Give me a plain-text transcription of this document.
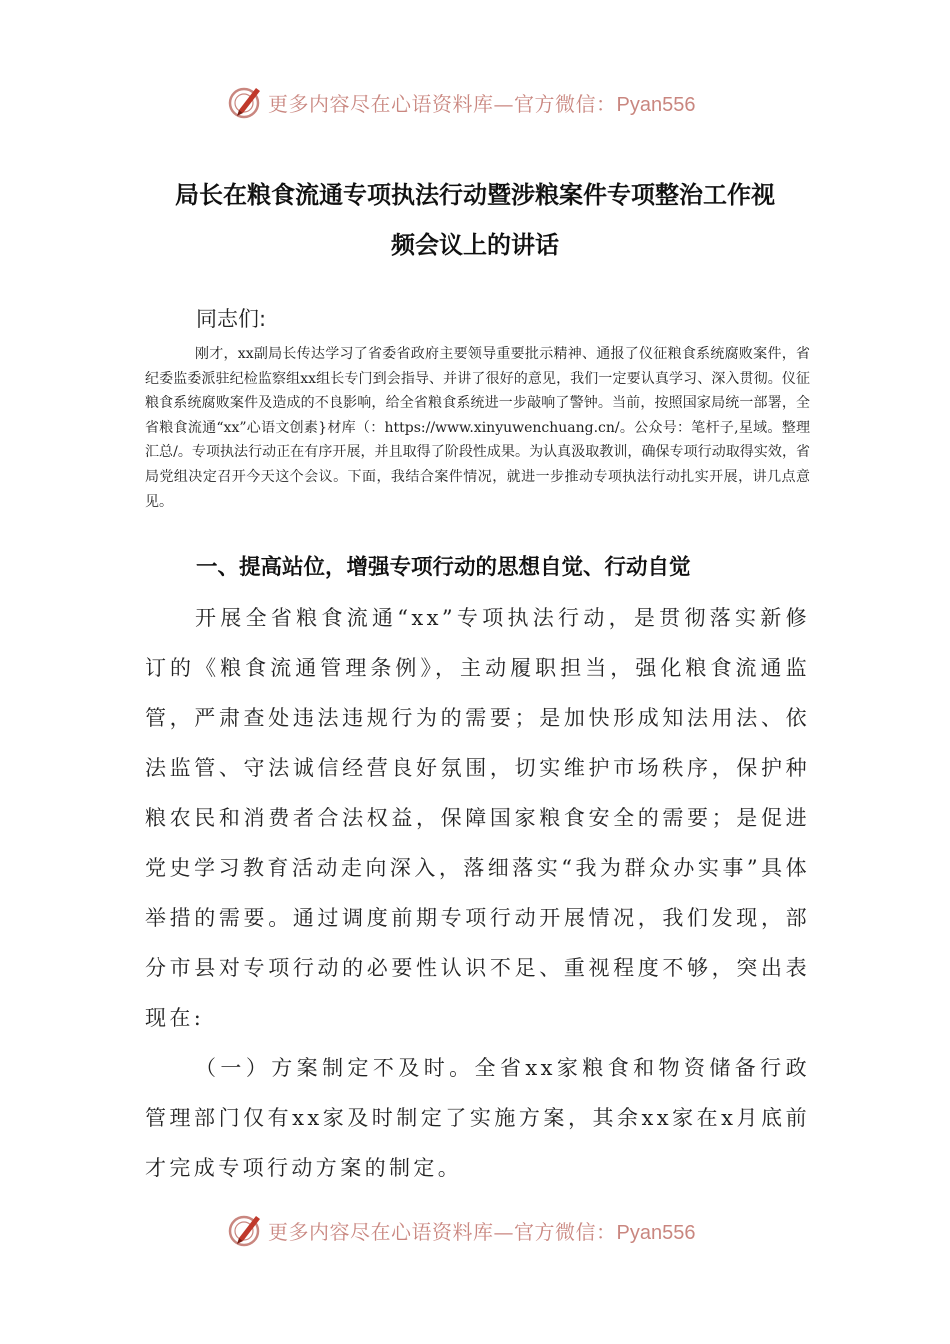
更多内容尽在心语资料库—官方微信：Pyan556
局长在粮食流通专项执法行动暨涉粮案件专项整治工作视
频会议上的讲话
同志们:

刚才，xx副局长传达学习了省委省政府主要领导重要批示精神、通报了仪征粮食系统腐败案件，省纪委监委派驻纪检监察组xx组长专门到会指导、并讲了很好的意见，我们一定要认真学习、深入贯彻。仪征粮食系统腐败案件及造成的不良影响，给全省粮食系统进一步敲响了警钟。当前，按照国家局统一部署，全省粮食流通“xx”心语文创素}材库（：https://www.xinyuwenchuang.cn/。公众号：笔杆子,星域。整理汇总/。专项执法行动正在有序开展，并且取得了阶段性成果。为认真汲取教训，确保专项行动取得实效，省局党组决定召开今天这个会议。下面，我结合案件情况，就进一步推动专项执法行动扎实开展，讲几点意见。

一、提高站位，增强专项行动的思想自觉、行动自觉

开展全省粮食流通“xx”专项执法行动，是贯彻落实新修订的《粮食流通管理条例》，主动履职担当，强化粮食流通监管，严肃查处违法违规行为的需要；是加快形成知法用法、依法监管、守法诚信经营良好氛围，切实维护市场秩序，保护种粮农民和消费者合法权益，保障国家粮食安全的需要；是促进党史学习教育活动走向深入，落细落实“我为群众办实事”具体举措的需要。通过调度前期专项行动开展情况，我们发现，部分市县对专项行动的必要性认识不足、重视程度不够，突出表现在:

（一）方案制定不及时。全省xx家粮食和物资储备行政管理部门仅有xx家及时制定了实施方案，其余xx家在x月底前才完成专项行动方案的制定。

更多内容尽在心语资料库—官方微信：Pyan556
